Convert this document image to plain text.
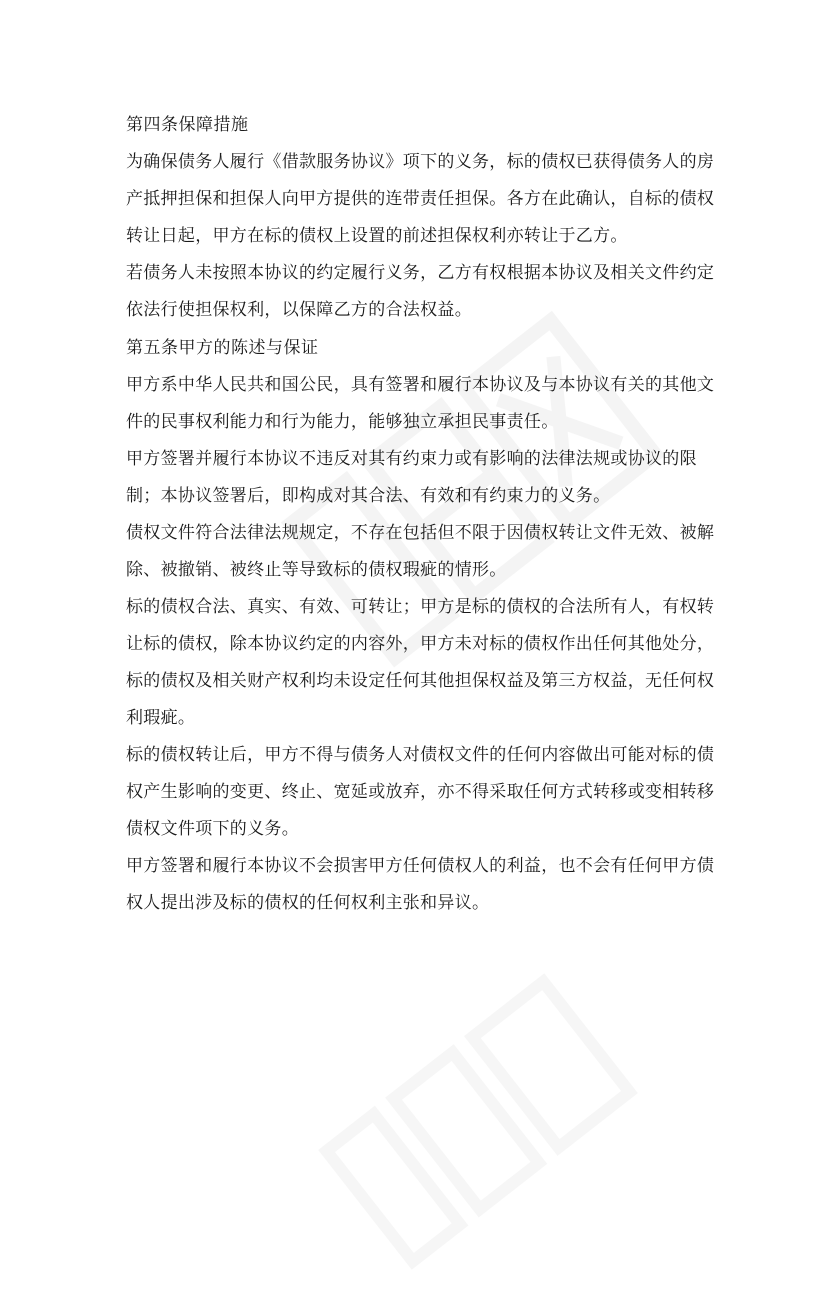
第四条保障措施

为确保债务人履行《借款服务协议》项下的义务，标的债权已获得债务人的房
产抵押担保和担保人向甲方提供的连带责任担保。各方在此确认，自标的债权
转让日起，甲方在标的债权上设置的前述担保权利亦转让于乙方。

若债务人未按照本协议的约定履行义务，乙方有权根据本协议及相关文件约定
依法行使担保权利，以保障乙方的合法权益。

第五条甲方的陈述与保证

甲方系中华人民共和国公民，具有签署和履行本协议及与本协议有关的其他文
件的民事权利能力和行为能力，能够独立承担民事责任。

甲方签署并履行本协议不违反对其有约束力或有影响的法律法规或协议的限
制；本协议签署后，即构成对其合法、有效和有约束力的义务。

债权文件符合法律法规规定，不存在包括但不限于因债权转让文件无效、被解
除、被撤销、被终止等导致标的债权瑕疵的情形。

标的债权合法、真实、有效、可转让；甲方是标的债权的合法所有人，有权转
让标的债权，除本协议约定的内容外，甲方未对标的债权作出任何其他处分，
标的债权及相关财产权利均未设定任何其他担保权益及第三方权益，无任何权
利瑕疵。

标的债权转让后，甲方不得与债务人对债权文件的任何内容做出可能对标的债
权产生影响的变更、终止、宽延或放弃，亦不得采取任何方式转移或变相转移
债权文件项下的义务。

甲方签署和履行本协议不会损害甲方任何债权人的利益，也不会有任何甲方债
权人提出涉及标的债权的任何权利主张和异议。
